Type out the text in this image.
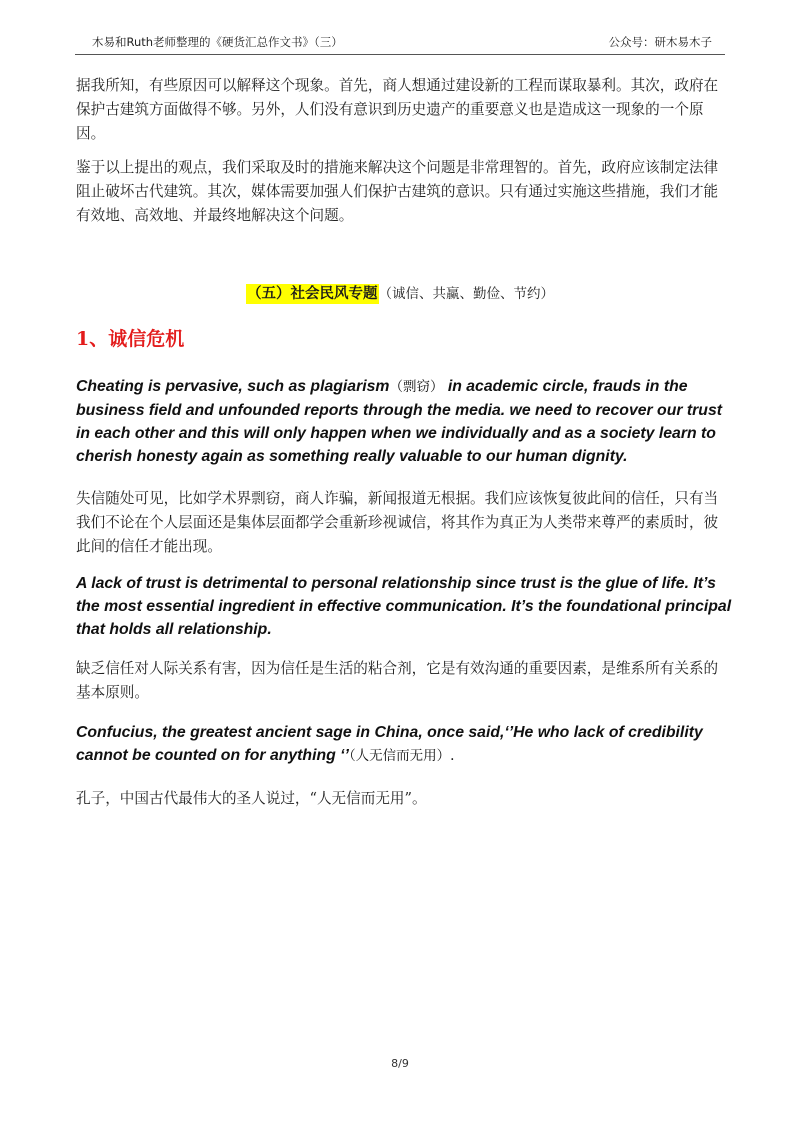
木易和Ruth老师整理的《硬货汇总作文书》（三）	公众号：研木易木子

据我所知，有些原因可以解释这个现象。首先，商人想通过建设新的工程而谋取暴利。其次，政府在保护古建筑方面做得不够。另外，人们没有意识到历史遗产的重要意义也是造成这一现象的一个原因。

鉴于以上提出的观点，我们采取及时的措施来解决这个问题是非常理智的。首先，政府应该制定法律阻止破坏古代建筑。其次，媒体需要加强人们保护古建筑的意识。只有通过实施这些措施，我们才能有效地、高效地、并最终地解决这个问题。

（五）社会民风专题（诚信、共赢、勤俭、节约）
1、诚信危机

Cheating is pervasive, such as plagiarism（剽窃） in academic circle, frauds in the business field and unfounded reports through the media. we need to recover our trust in each other and this will only happen when we individually and as a society learn to cherish honesty again as something really valuable to our human dignity.

失信随处可见，比如学术界剽窃，商人诈骗，新闻报道无根据。我们应该恢复彼此间的信任，只有当我们不论在个人层面还是集体层面都学会重新珍视诚信，将其作为真正为人类带来尊严的素质时，彼此间的信任才能出现。

A lack of trust is detrimental to personal relationship since trust is the glue of life. It’s the most essential ingredient in effective communication. It’s the foundational principal that holds all relationship.

缺乏信任对人际关系有害，因为信任是生活的粘合剂，它是有效沟通的重要因素，是维系所有关系的基本原则。

Confucius, the greatest ancient sage in China, once said,‘’He who lack of credibility cannot be counted on for anything ‘’（人无信而无用）.

孔子，中国古代最伟大的圣人说过，“人无信而无用”。

8/9
